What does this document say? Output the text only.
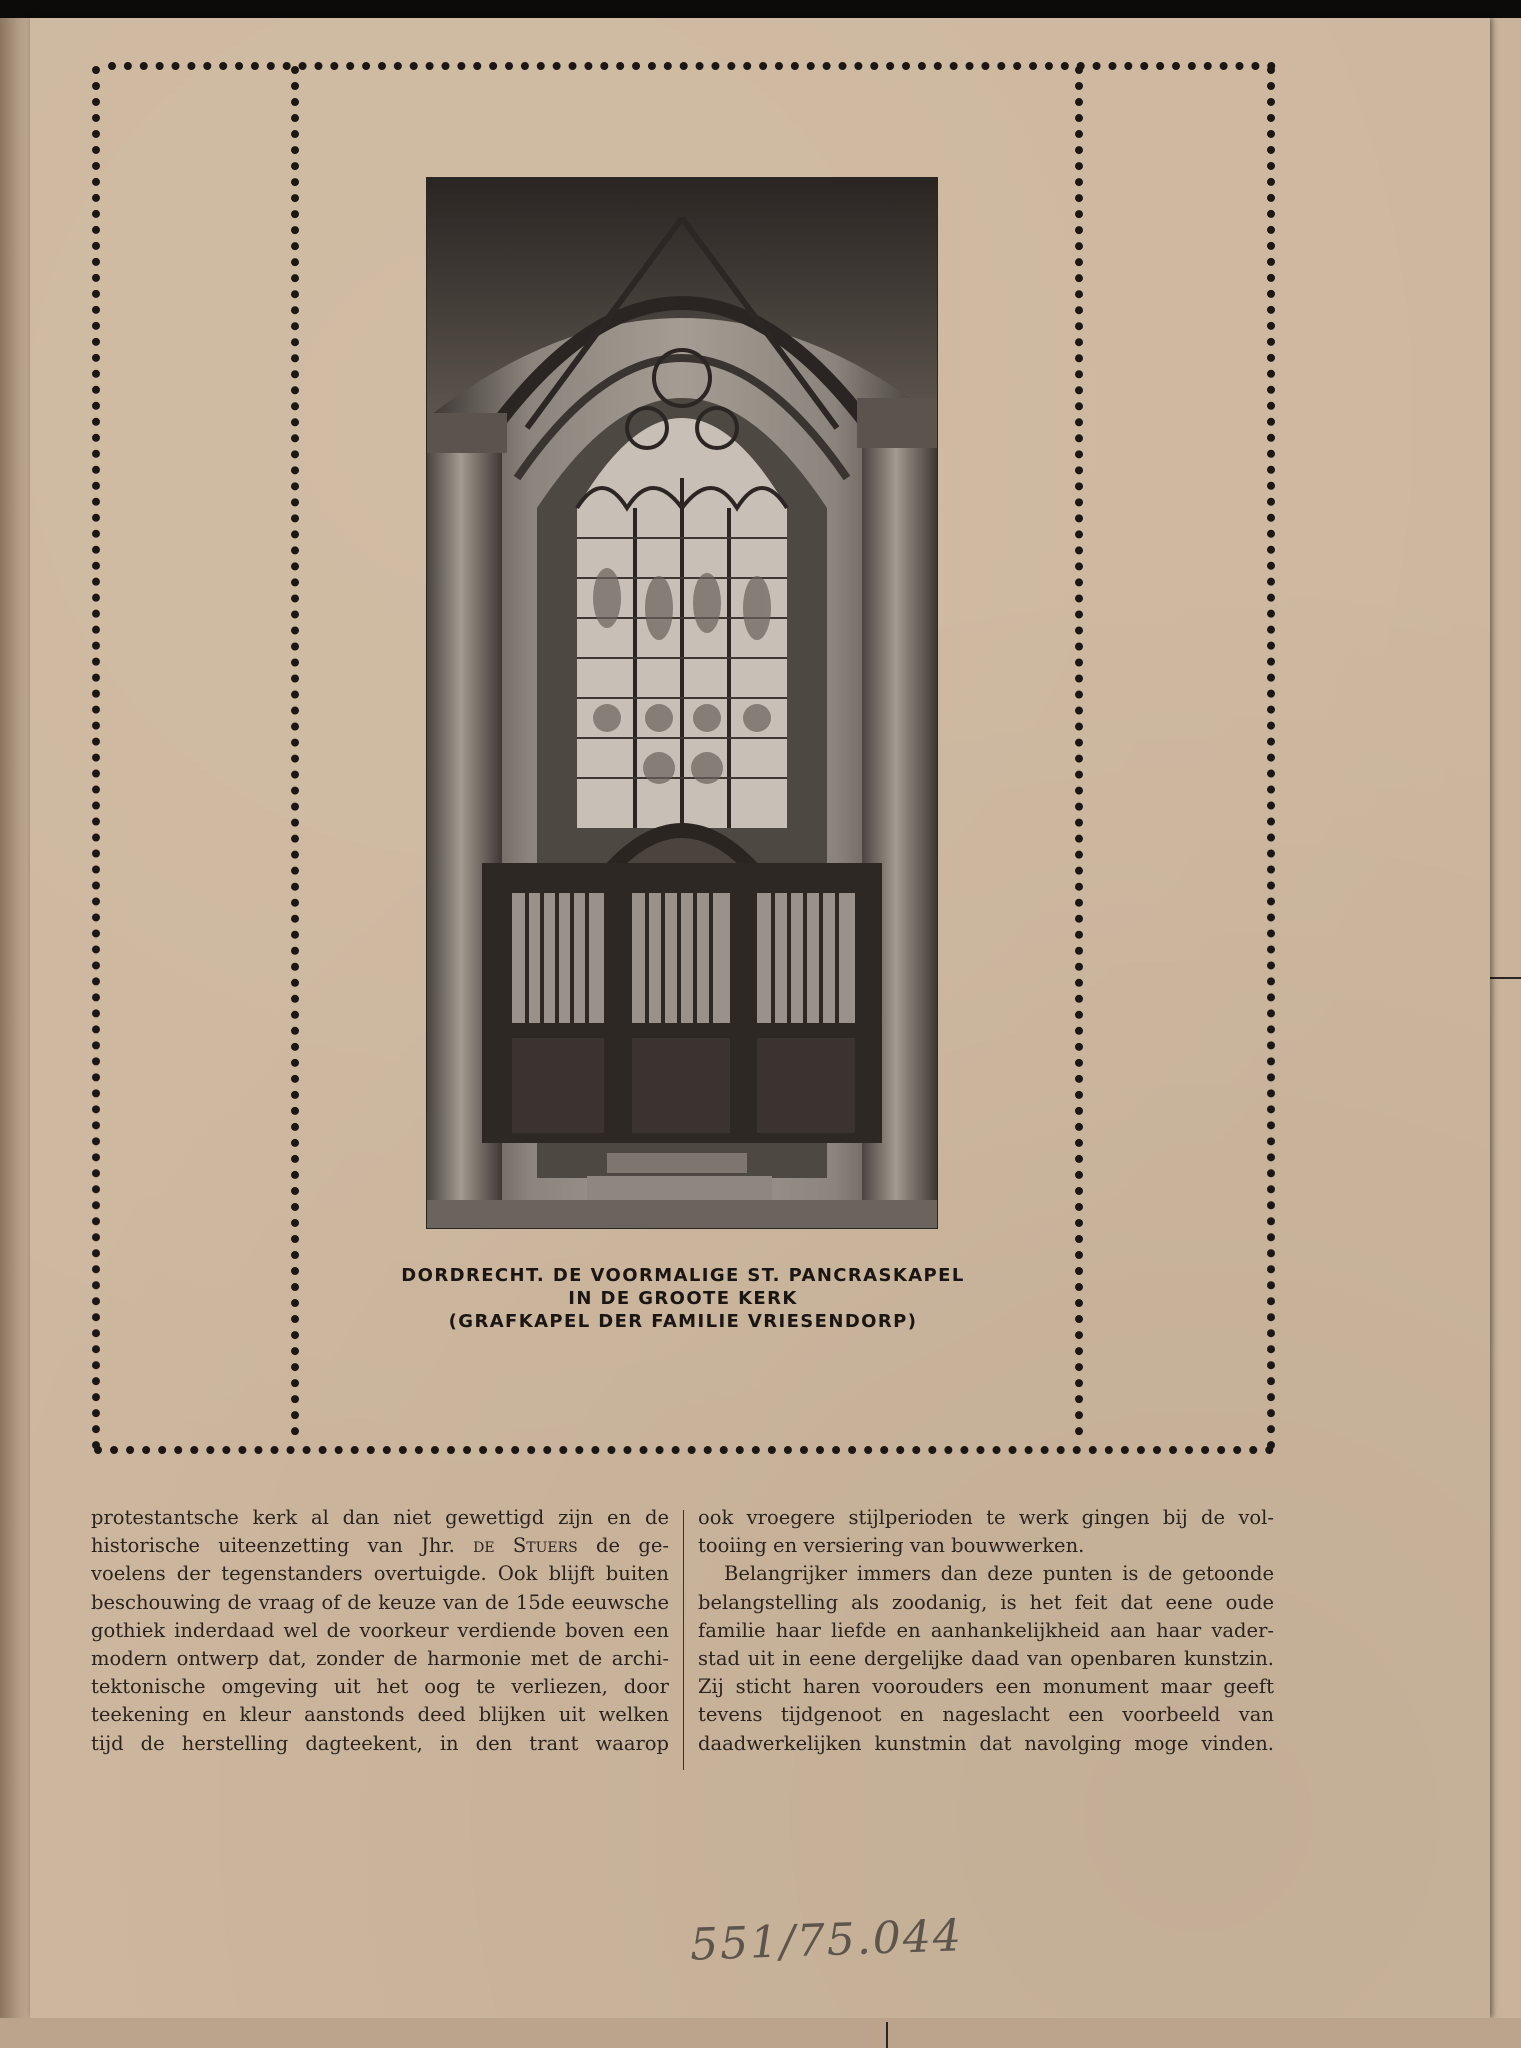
DORDRECHT. DE VOORMALIGE ST. PANCRASKAPEL
IN DE GROOTE KERK
(GRAFKAPEL DER FAMILIE VRIESENDORP)
protestantsche kerk al dan niet gewettigd zijn en de
historische uiteenzetting van Jhr. de Stuers de ge-
voelens der tegenstanders overtuigde. Ook blijft buiten
beschouwing de vraag of de keuze van de 15de eeuwsche
gothiek inderdaad wel de voorkeur verdiende boven een
modern ontwerp dat, zonder de harmonie met de archi-
tektonische omgeving uit het oog te verliezen, door
teekening en kleur aanstonds deed blijken uit welken
tijd de herstelling dagteekent, in den trant waarop
ook vroegere stijlperioden te werk gingen bij de vol-
tooiing en versiering van bouwwerken.
Belangrijker immers dan deze punten is de getoonde
belangstelling als zoodanig, is het feit dat eene oude
familie haar liefde en aanhankelijkheid aan haar vader-
stad uit in eene dergelijke daad van openbaren kunstzin.
Zij sticht haren voorouders een monument maar geeft
tevens tijdgenoot en nageslacht een voorbeeld van
daadwerkelijken kunstmin dat navolging moge vinden.
551/75.044
